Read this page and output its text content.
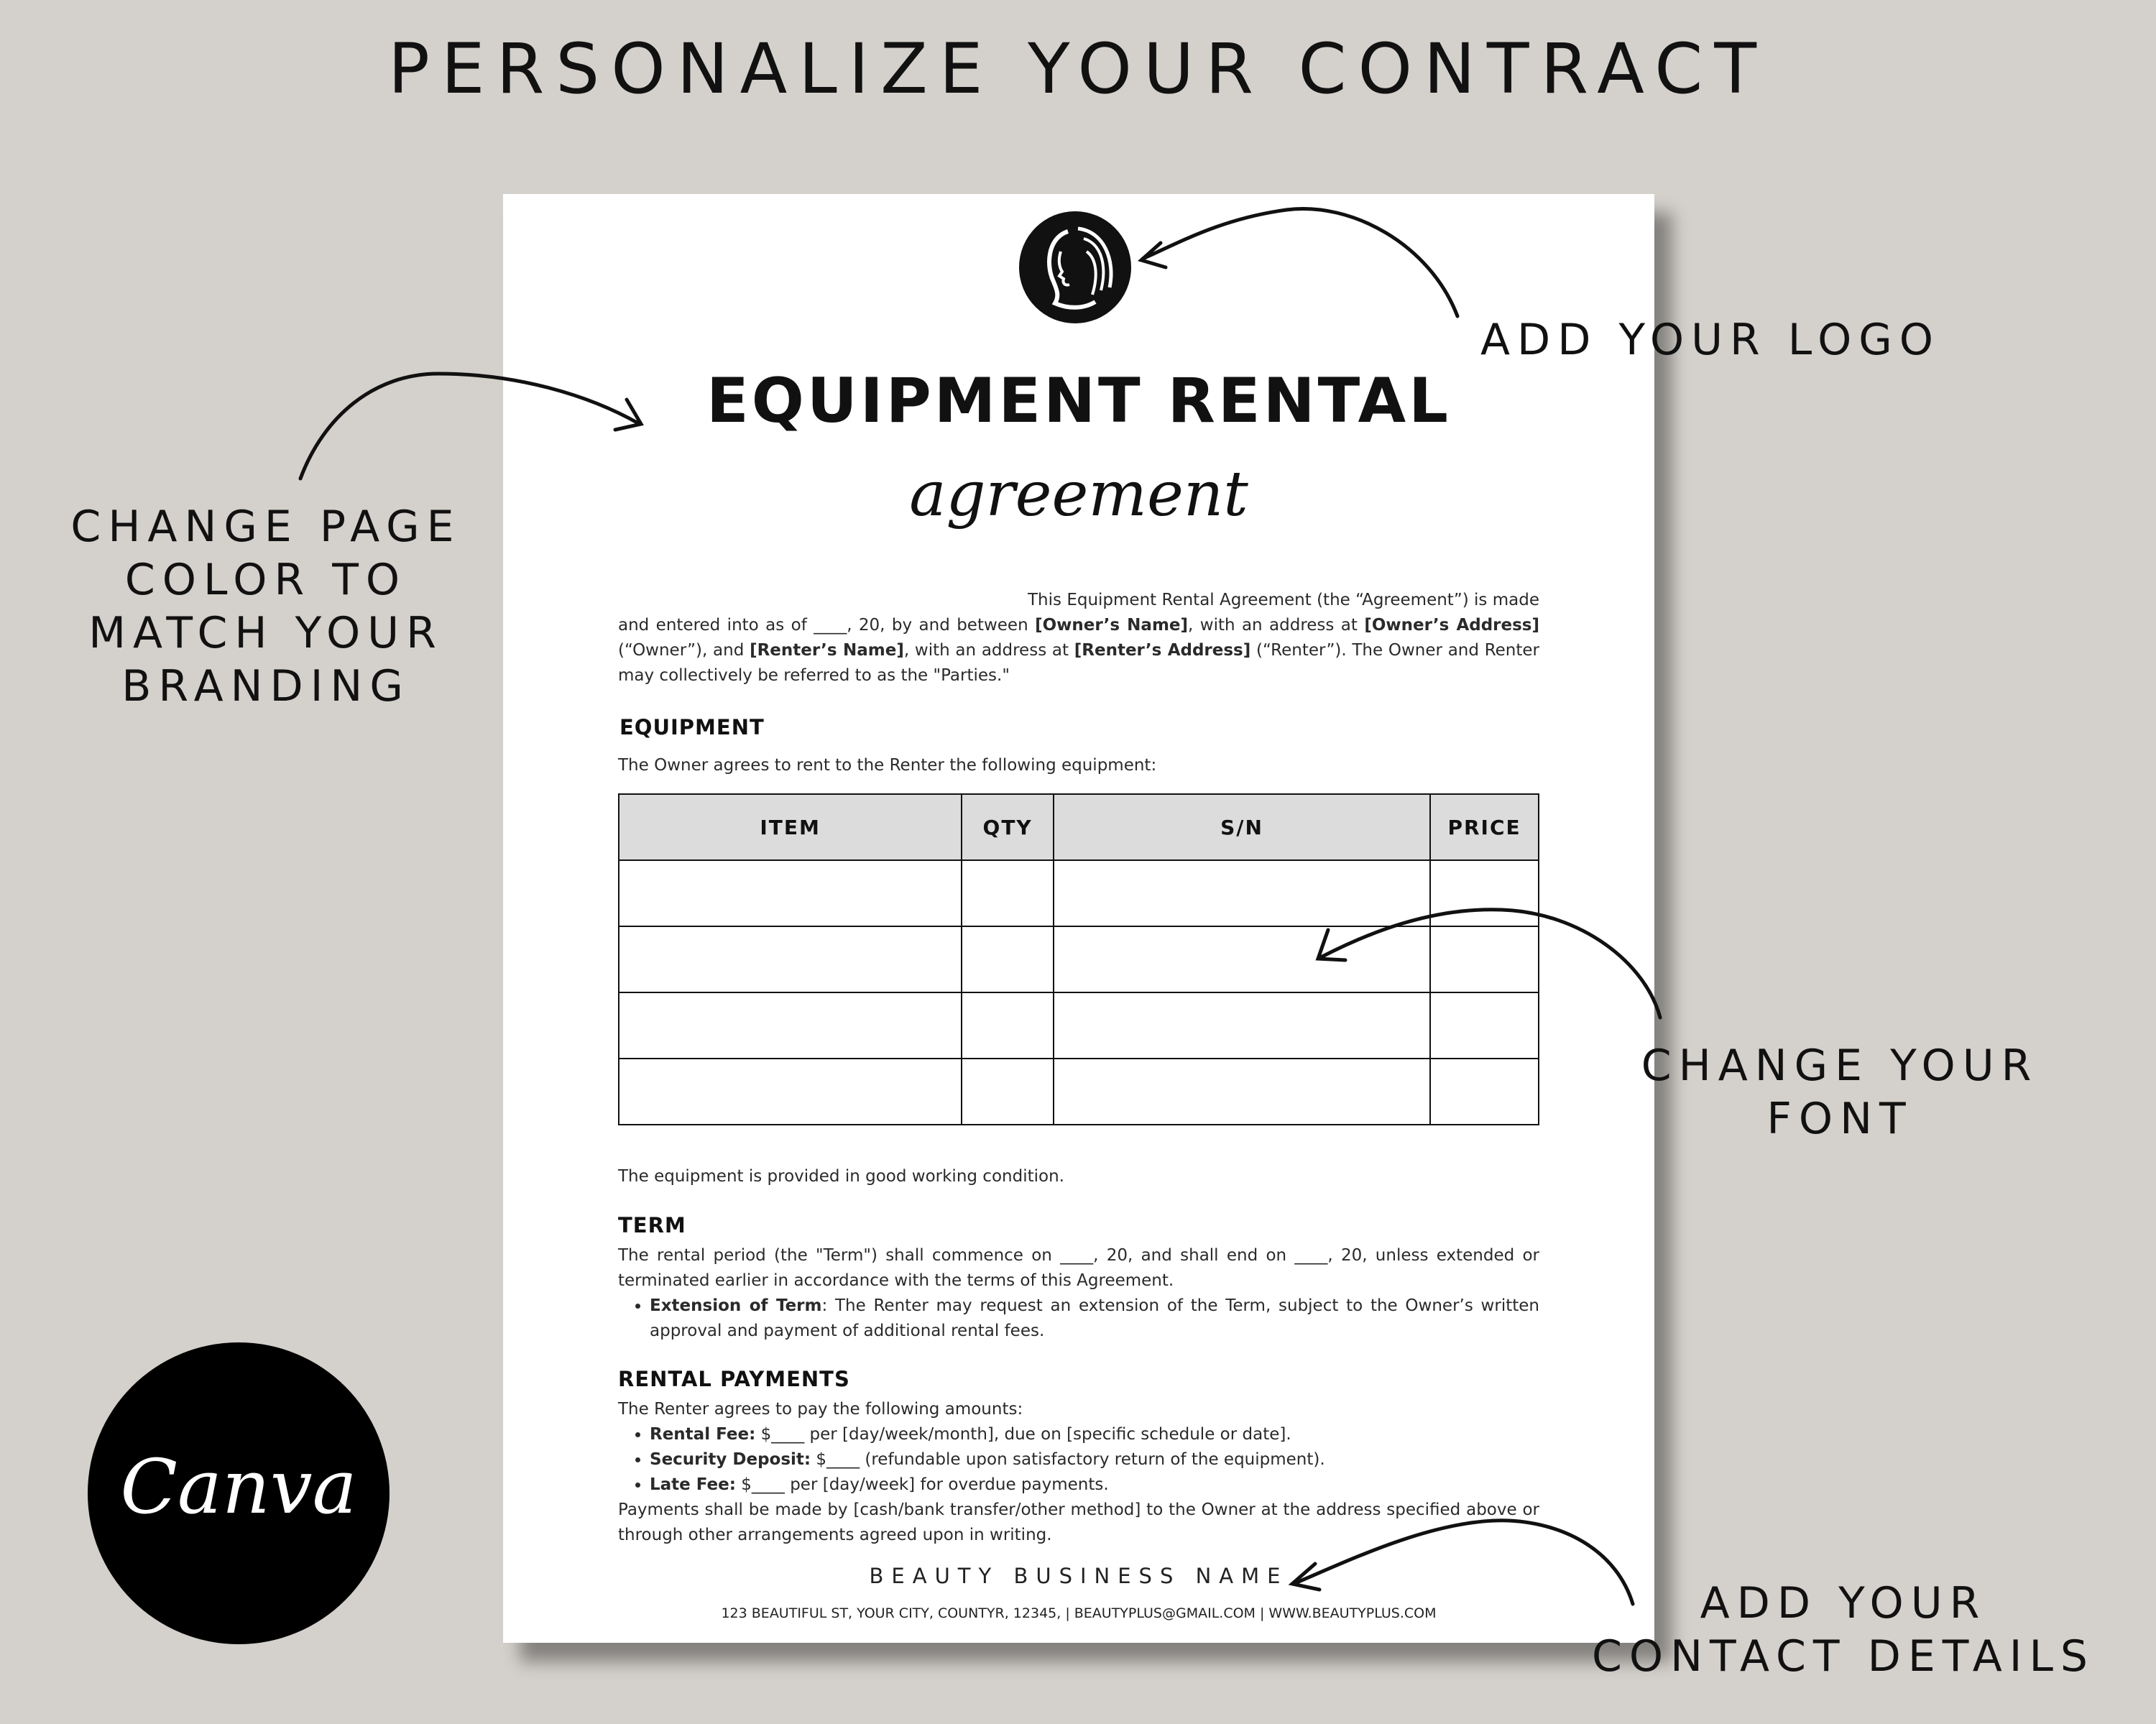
PERSONALIZE YOUR CONTRACT
EQUIPMENT RENTAL
agreement
This Equipment Rental Agreement (the “Agreement”) is made and entered into as of ____, 20, by and between [Owner’s Name], with an address at [Owner’s Address] (“Owner”), and [Renter’s Name], with an address at [Renter’s Address] (“Renter”). The Owner and Renter may collectively be referred to as the "Parties."
EQUIPMENT
The Owner agrees to rent to the Renter the following equipment:
ITEM	QTY	S/N	PRICE

The equipment is provided in good working condition.
TERM
The rental period (the "Term") shall commence on ____, 20, and shall end on ____, 20, unless extended or terminated earlier in accordance with the terms of this Agreement.
• Extension of Term: The Renter may request an extension of the Term, subject to the Owner’s written approval and payment of additional rental fees.
RENTAL PAYMENTS
The Renter agrees to pay the following amounts:
• Rental Fee: $____ per [day/week/month], due on [specific schedule or date].
• Security Deposit: $____ (refundable upon satisfactory return of the equipment).
• Late Fee: $____ per [day/week] for overdue payments.
Payments shall be made by [cash/bank transfer/other method] to the Owner at the address specified above or through other arrangements agreed upon in writing.
BEAUTY BUSINESS NAME
123 BEAUTIFUL ST, YOUR CITY, COUNTYR, 12345, | BEAUTYPLUS@GMAIL.COM | WWW.BEAUTYPLUS.COM
ADD YOUR LOGO
CHANGE PAGE
COLOR TO
MATCH YOUR
BRANDING
CHANGE YOUR
FONT
ADD YOUR
CONTACT DETAILS
Canva
